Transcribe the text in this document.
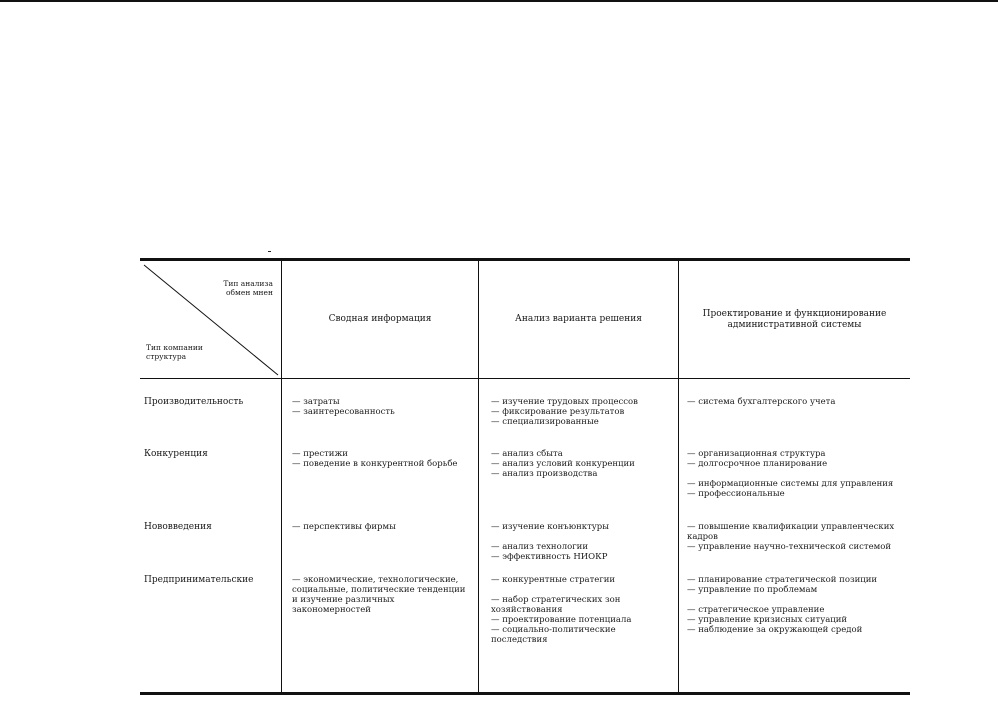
Тип анализа обмен мнен
Тип компании структура
Сводная информация	Анализ варианта решения
Проектирование и функционирование административной системы
Производительность
Конкуренция
Нововведения
Предпринимательские
— затраты
— заинтересованность
— престижи
— поведение в конкурентной борьбе
— перспективы фирмы
— экономические, технологические, социальные, политические тенденции и изучение различных закономерностей
— изучение трудовых процессов
— фиксирование результатов
— специализированные
— анализ сбыта
— анализ условий конкуренции
— анализ производства
— изучение конъюнктуры

— анализ технологии
— эффективность НИОКР
— конкурентные стратегии

— набор стратегических зон хозяйствования
— проектирование потенциала
— социально-политические последствия
— система бухгалтерского учета
— организационная структура
— долгосрочное планирование

— информационные системы для управления
— профессиональные
— повышение квалификации управленческих кадров
— управление научно-технической системой
— планирование стратегической позиции
— управление по проблемам

— стратегическое управление
— управление кризисных ситуаций
— наблюдение за окружающей средой
